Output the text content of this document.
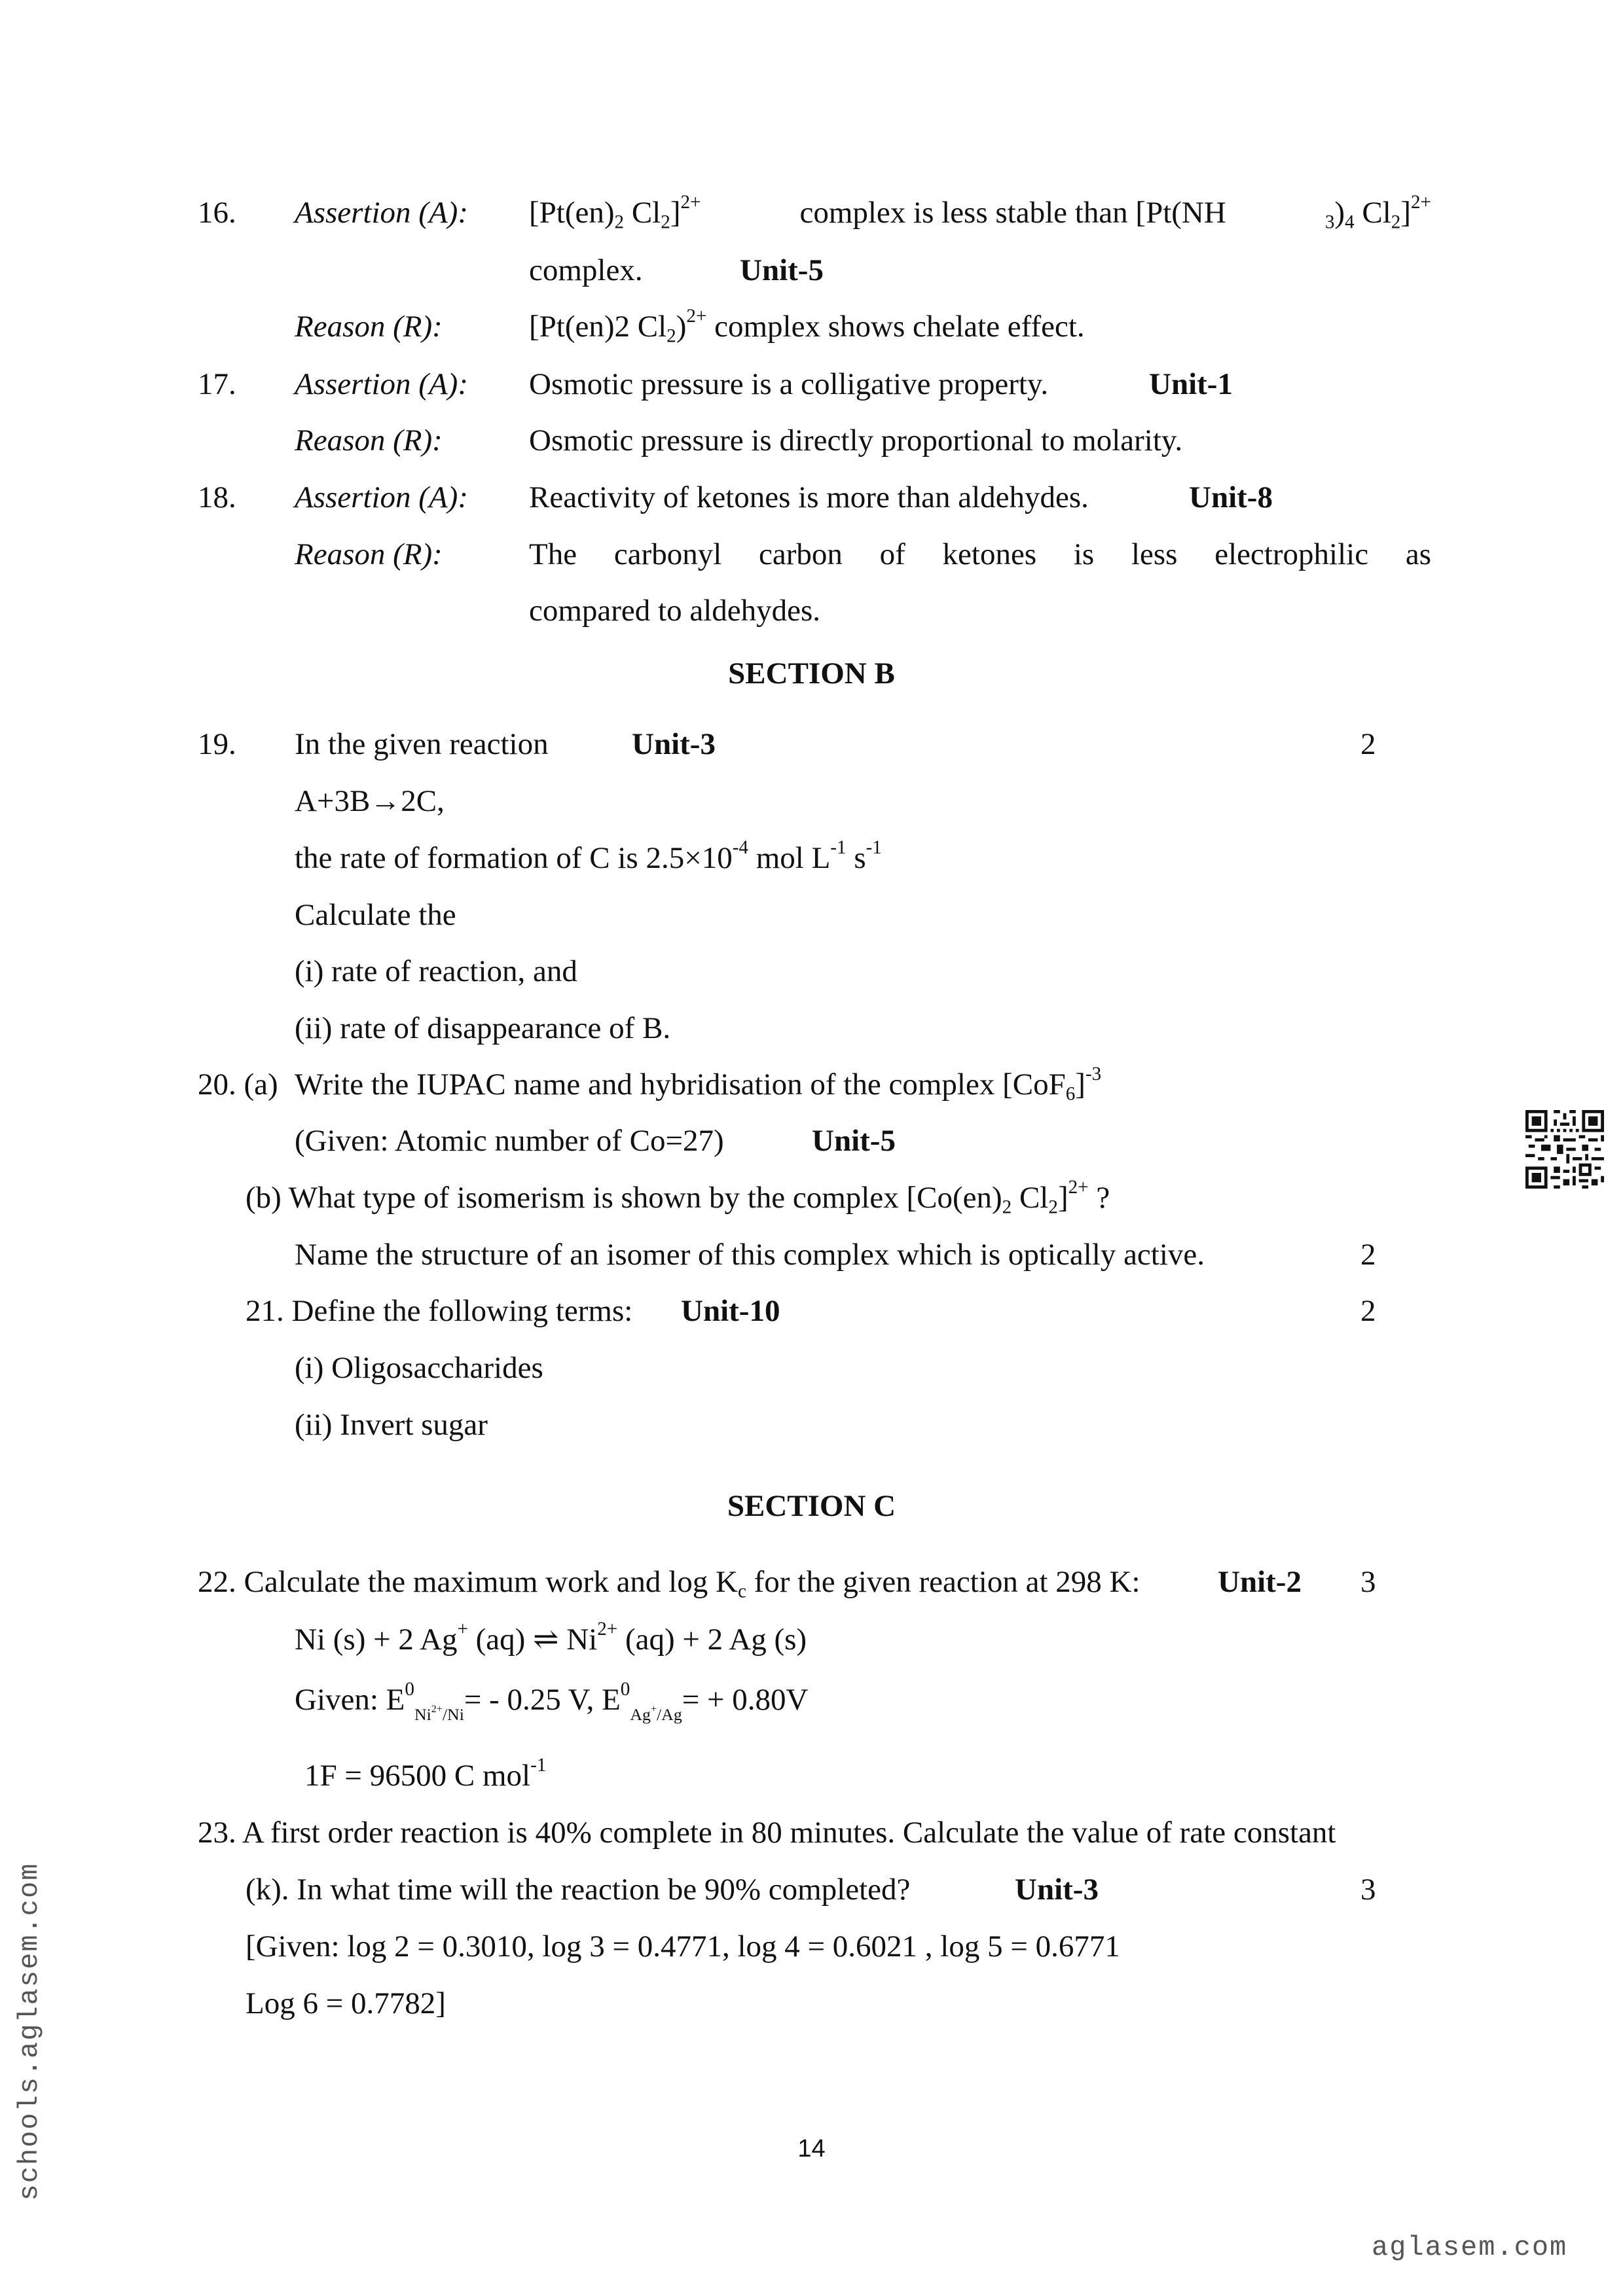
16. Assertion (A): [$Pt(en)_2$ $Cl_2]^{2+}$	complex is less stable than [Pt(NH	$_3)_4$ $Cl_2]^{2+}$
complex.	Unit-5
Reason (R):	[Pt(en)2 $Cl_2)^{2+}$ complex shows chelate effect.
17. Assertion (A): Osmotic pressure is a colligative property.	Unit-1
Reason (R):	Osmotic pressure is directly proportional to molarity.
18. Assertion (A): Reactivity of ketones is more than aldehydes.	Unit-8
Reason (R):	The carbonyl carbon of ketones is less electrophilic as
compared to aldehydes.
SECTION B
19. In the given reaction	Unit-3	2
A+3B→2C,
the rate of formation of C is $2.5\times 10^{-4}$ mol $L^{-1}$ $s^{-1}$
Calculate the
(i) rate of reaction, and
(ii) rate of disappearance of B.
20. (a) Write the IUPAC name and hybridisation of the complex $[CoF_6]^{-3}$
(Given: Atomic number of Co=27)	Unit-5
(b) What type of isomerism is shown by the complex [$Co(en)_2$ $Cl_2]^{2+}$ ?
Name the structure of an isomer of this complex which is optically active.	2
21. Define the following terms: Unit-10	2
(i) Oligosaccharides
(ii) Invert sugar
SECTION C
22. Calculate the maximum work and $\log K_c$ for the given reaction at 298 K:	Unit-2 3
Ni (s) + 2 Ag+ (aq) ⇌ $Ni^{2+}$ (aq) + 2 Ag (s)
Given: $E^0_{Ni^{2+}/Ni}= - 0.25$ V, $E^0_{Ag^+/Ag}= + 0.80V$
1F = 96500 C mol$^{-1}$
23. A first order reaction is 40% complete in 80 minutes. Calculate the value of rate constant
(k). In what time will the reaction be 90% completed?	Unit-3	3
[Given: log 2 = 0.3010, log 3 = 0.4771, log 4 = 0.6021 , log 5 = 0.6771
Log 6 = 0.7782]
14
schools.aglasem.com
aglasem.com
